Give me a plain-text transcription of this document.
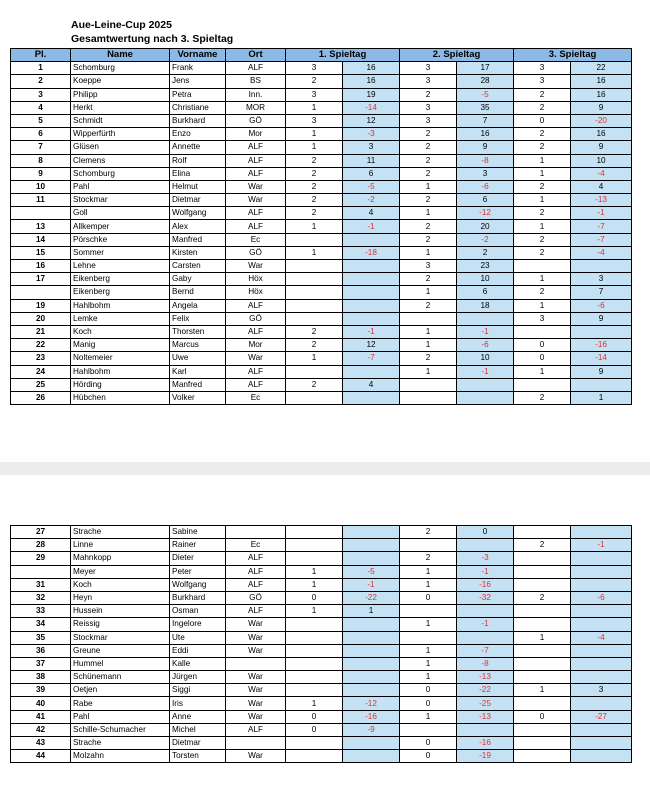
Aue-Leine-Cup 2025
Gesamtwertung nach 3. Spieltag
Pl.	Name	Vorname	Ort	1. Spieltag		2. Spieltag		3. Spieltag	
1	Schomburg	Frank	ALF	3	16	3	17	3	22
2	Koeppe	Jens	BS	2	16	3	28	3	16
3	Philipp	Petra	Inn.	3	19	2	-5	2	16
4	Herkt	Christiane	MOR	1	-14	3	35	2	9
5	Schmidt	Burkhard	GÖ	3	12	3	7	0	-20
6	Wipperfürth	Enzo	Mor	1	-3	2	16	2	16
7	Glüsen	Annette	ALF	1	3	2	9	2	9
8	Clemens	Rolf	ALF	2	11	2	-8	1	10
9	Schomburg	Elina	ALF	2	6	2	3	1	-4
10	Pahl	Helmut	War	2	-5	1	-6	2	4
11	Stockmar	Dietmar	War	2	-2	2	6	1	-13
	Goll	Wolfgang	ALF	2	4	1	-12	2	-1
13	Allkemper	Alex	ALF	1	-1	2	20	1	-7
14	Pörschke	Manfred	Ec			2	-2	2	-7
15	Sommer	Kirsten	GÖ	1	-18	1	2	2	-4
16	Lehne	Carsten	War			3	23		
17	Eikenberg	Gaby	Höx			2	10	1	3
	Eikenberg	Bernd	Höx			1	6	2	7
19	Hahlbohm	Angela	ALF			2	18	1	-6
20	Lemke	Felix	GÖ					3	9
21	Koch	Thorsten	ALF	2	-1	1	-1		
22	Manig	Marcus	Mor	2	12	1	-6	0	-16
23	Noltemeier	Uwe	War	1	-7	2	10	0	-14
24	Hahlbohm	Karl	ALF			1	-1	1	9
25	Hörding	Manfred	ALF	2	4				
26	Hübchen	Volker	Ec					2	1
27	Strache	Sabine				2	0		
28	Linne	Rainer	Ec					2	-1
29	Mahnkopp	Dieter	ALF			2	-3		
	Meyer	Peter	ALF	1	-5	1	-1		
31	Koch	Wolfgang	ALF	1	-1	1	-16		
32	Heyn	Burkhard	GÖ	0	-22	0	-32	2	-6
33	Hussein	Osman	ALF	1	1				
34	Reissig	Ingelore	War			1	-1		
35	Stockmar	Ute	War					1	-4
36	Greune	Eddi	War			1	-7		
37	Hummel	Kalle				1	-8		
38	Schünemann	Jürgen	War			1	-13		
39	Oetjen	Siggi	War			0	-22	1	3
40	Rabe	Iris	War	1	-12	0	-25		
41	Pahl	Anne	War	0	-16	1	-13	0	-27
42	Schille-Schumacher	Michel	ALF	0	-9				
43	Strache	Dietmar				0	-16		
44	Molzahn	Torsten	War			0	-19		
